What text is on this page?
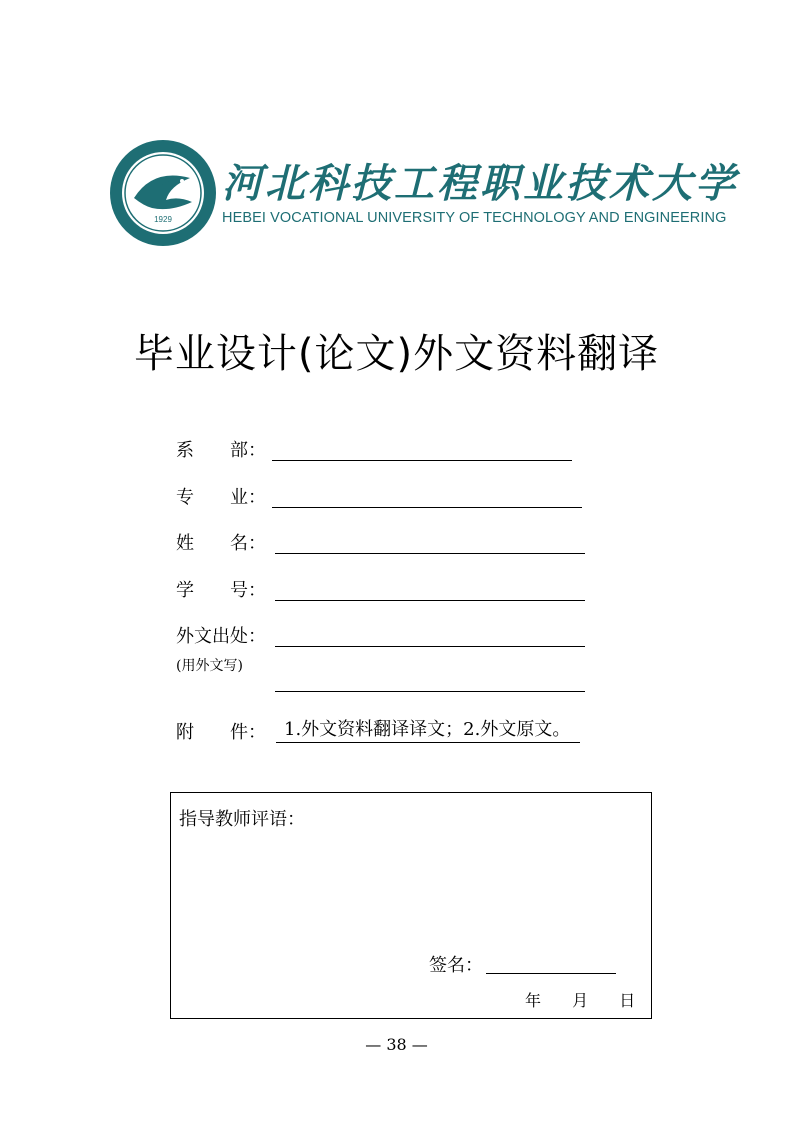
1929
河北科技工程职业技术大学
HEBEI VOCATIONAL UNIVERSITY OF TECHNOLOGY AND ENGINEERING
毕业设计(论文)外文资料翻译
系　　部：
专　　业：
姓　　名：
学　　号：
外文出处：
(用外文写)
附　　件：	1.外文资料翻译译文；2.外文原文。
指导教师评语：
签名：
年 月 日
— 38 —
